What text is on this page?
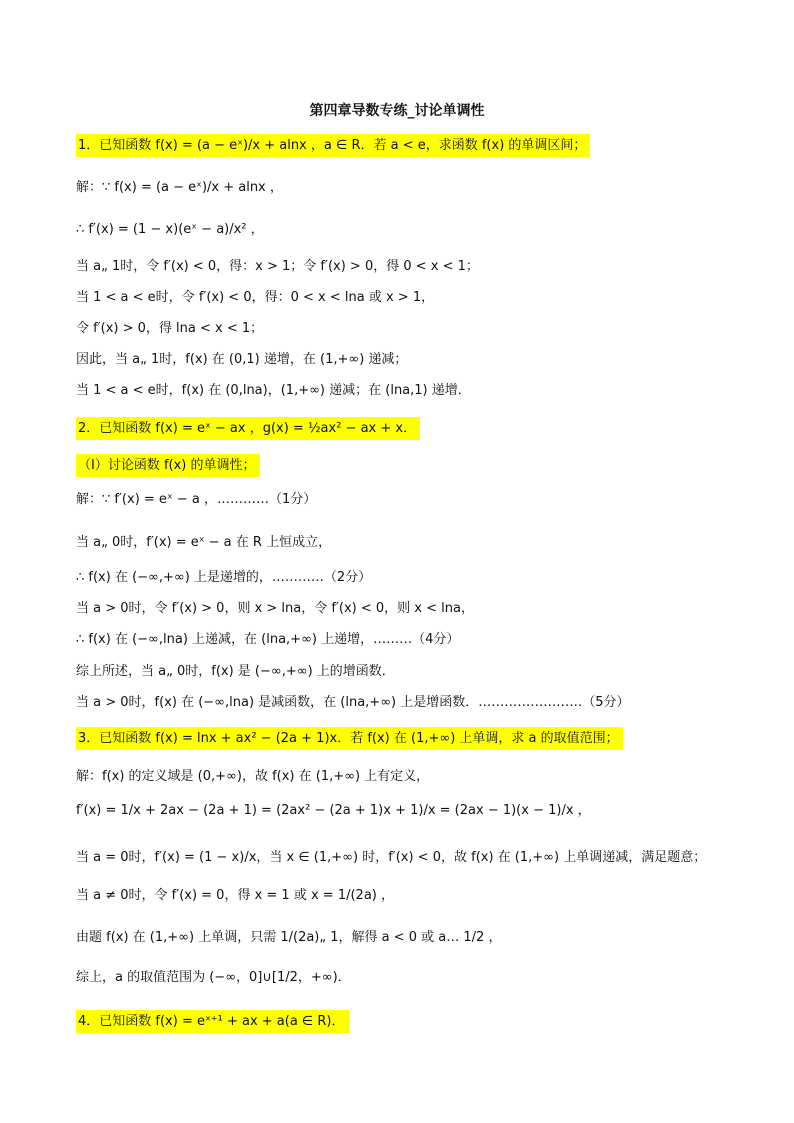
第四章导数专练_讨论单调性
1．已知函数 f(x) = (a − eˣ)/x + alnx ，a ∈ R．若 a < e，求函数 f(x) 的单调区间；
解：∵ f(x) = (a − eˣ)/x + alnx ，
∴ f′(x) = (1 − x)(eˣ − a)/x² ，
当 a„ 1时，令 f′(x) < 0，得：x > 1；令 f′(x) > 0，得 0 < x < 1；
当 1 < a < e时，令 f′(x) < 0，得：0 < x < lna 或 x > 1，
令 f′(x) > 0，得 lna < x < 1；
因此，当 a„ 1时，f(x) 在 (0,1) 递增，在 (1,+∞) 递减；
当 1 < a < e时，f(x) 在 (0,lna)，(1,+∞) 递减；在 (lna,1) 递增．
2．已知函数 f(x) = eˣ − ax ，g(x) = ½ax² − ax + x．
（Ⅰ）讨论函数 f(x) 的单调性；
解：∵ f′(x) = eˣ − a ，…………（1分）
当 a„ 0时，f′(x) = eˣ − a 在 R 上恒成立，
∴ f(x) 在 (−∞,+∞) 上是递增的，…………（2分）
当 a > 0时，令 f′(x) > 0，则 x > lna，令 f′(x) < 0，则 x < lna，
∴ f(x) 在 (−∞,lna) 上递减，在 (lna,+∞) 上递增，………（4分）
综上所述，当 a„ 0时，f(x) 是 (−∞,+∞) 上的增函数．
当 a > 0时，f(x) 在 (−∞,lna) 是减函数，在 (lna,+∞) 上是增函数．……………………（5分）
3．已知函数 f(x) = lnx + ax² − (2a + 1)x．若 f(x) 在 (1,+∞) 上单调，求 a 的取值范围；
解：f(x) 的定义域是 (0,+∞)，故 f(x) 在 (1,+∞) 上有定义，
f′(x) = 1/x + 2ax − (2a + 1) = (2ax² − (2a + 1)x + 1)/x = (2ax − 1)(x − 1)/x ，
当 a = 0时，f′(x) = (1 − x)/x，当 x ∈ (1,+∞) 时，f′(x) < 0，故 f(x) 在 (1,+∞) 上单调递减，满足题意；
当 a ≠ 0时，令 f′(x) = 0，得 x = 1 或 x = 1/(2a) ，
由题 f(x) 在 (1,+∞) 上单调，只需 1/(2a)„ 1，解得 a < 0 或 a… 1/2 ，
综上，a 的取值范围为 (−∞，0]∪[1/2，+∞)．
4．已知函数 f(x) = eˣ⁺¹ + ax + a(a ∈ R)．
